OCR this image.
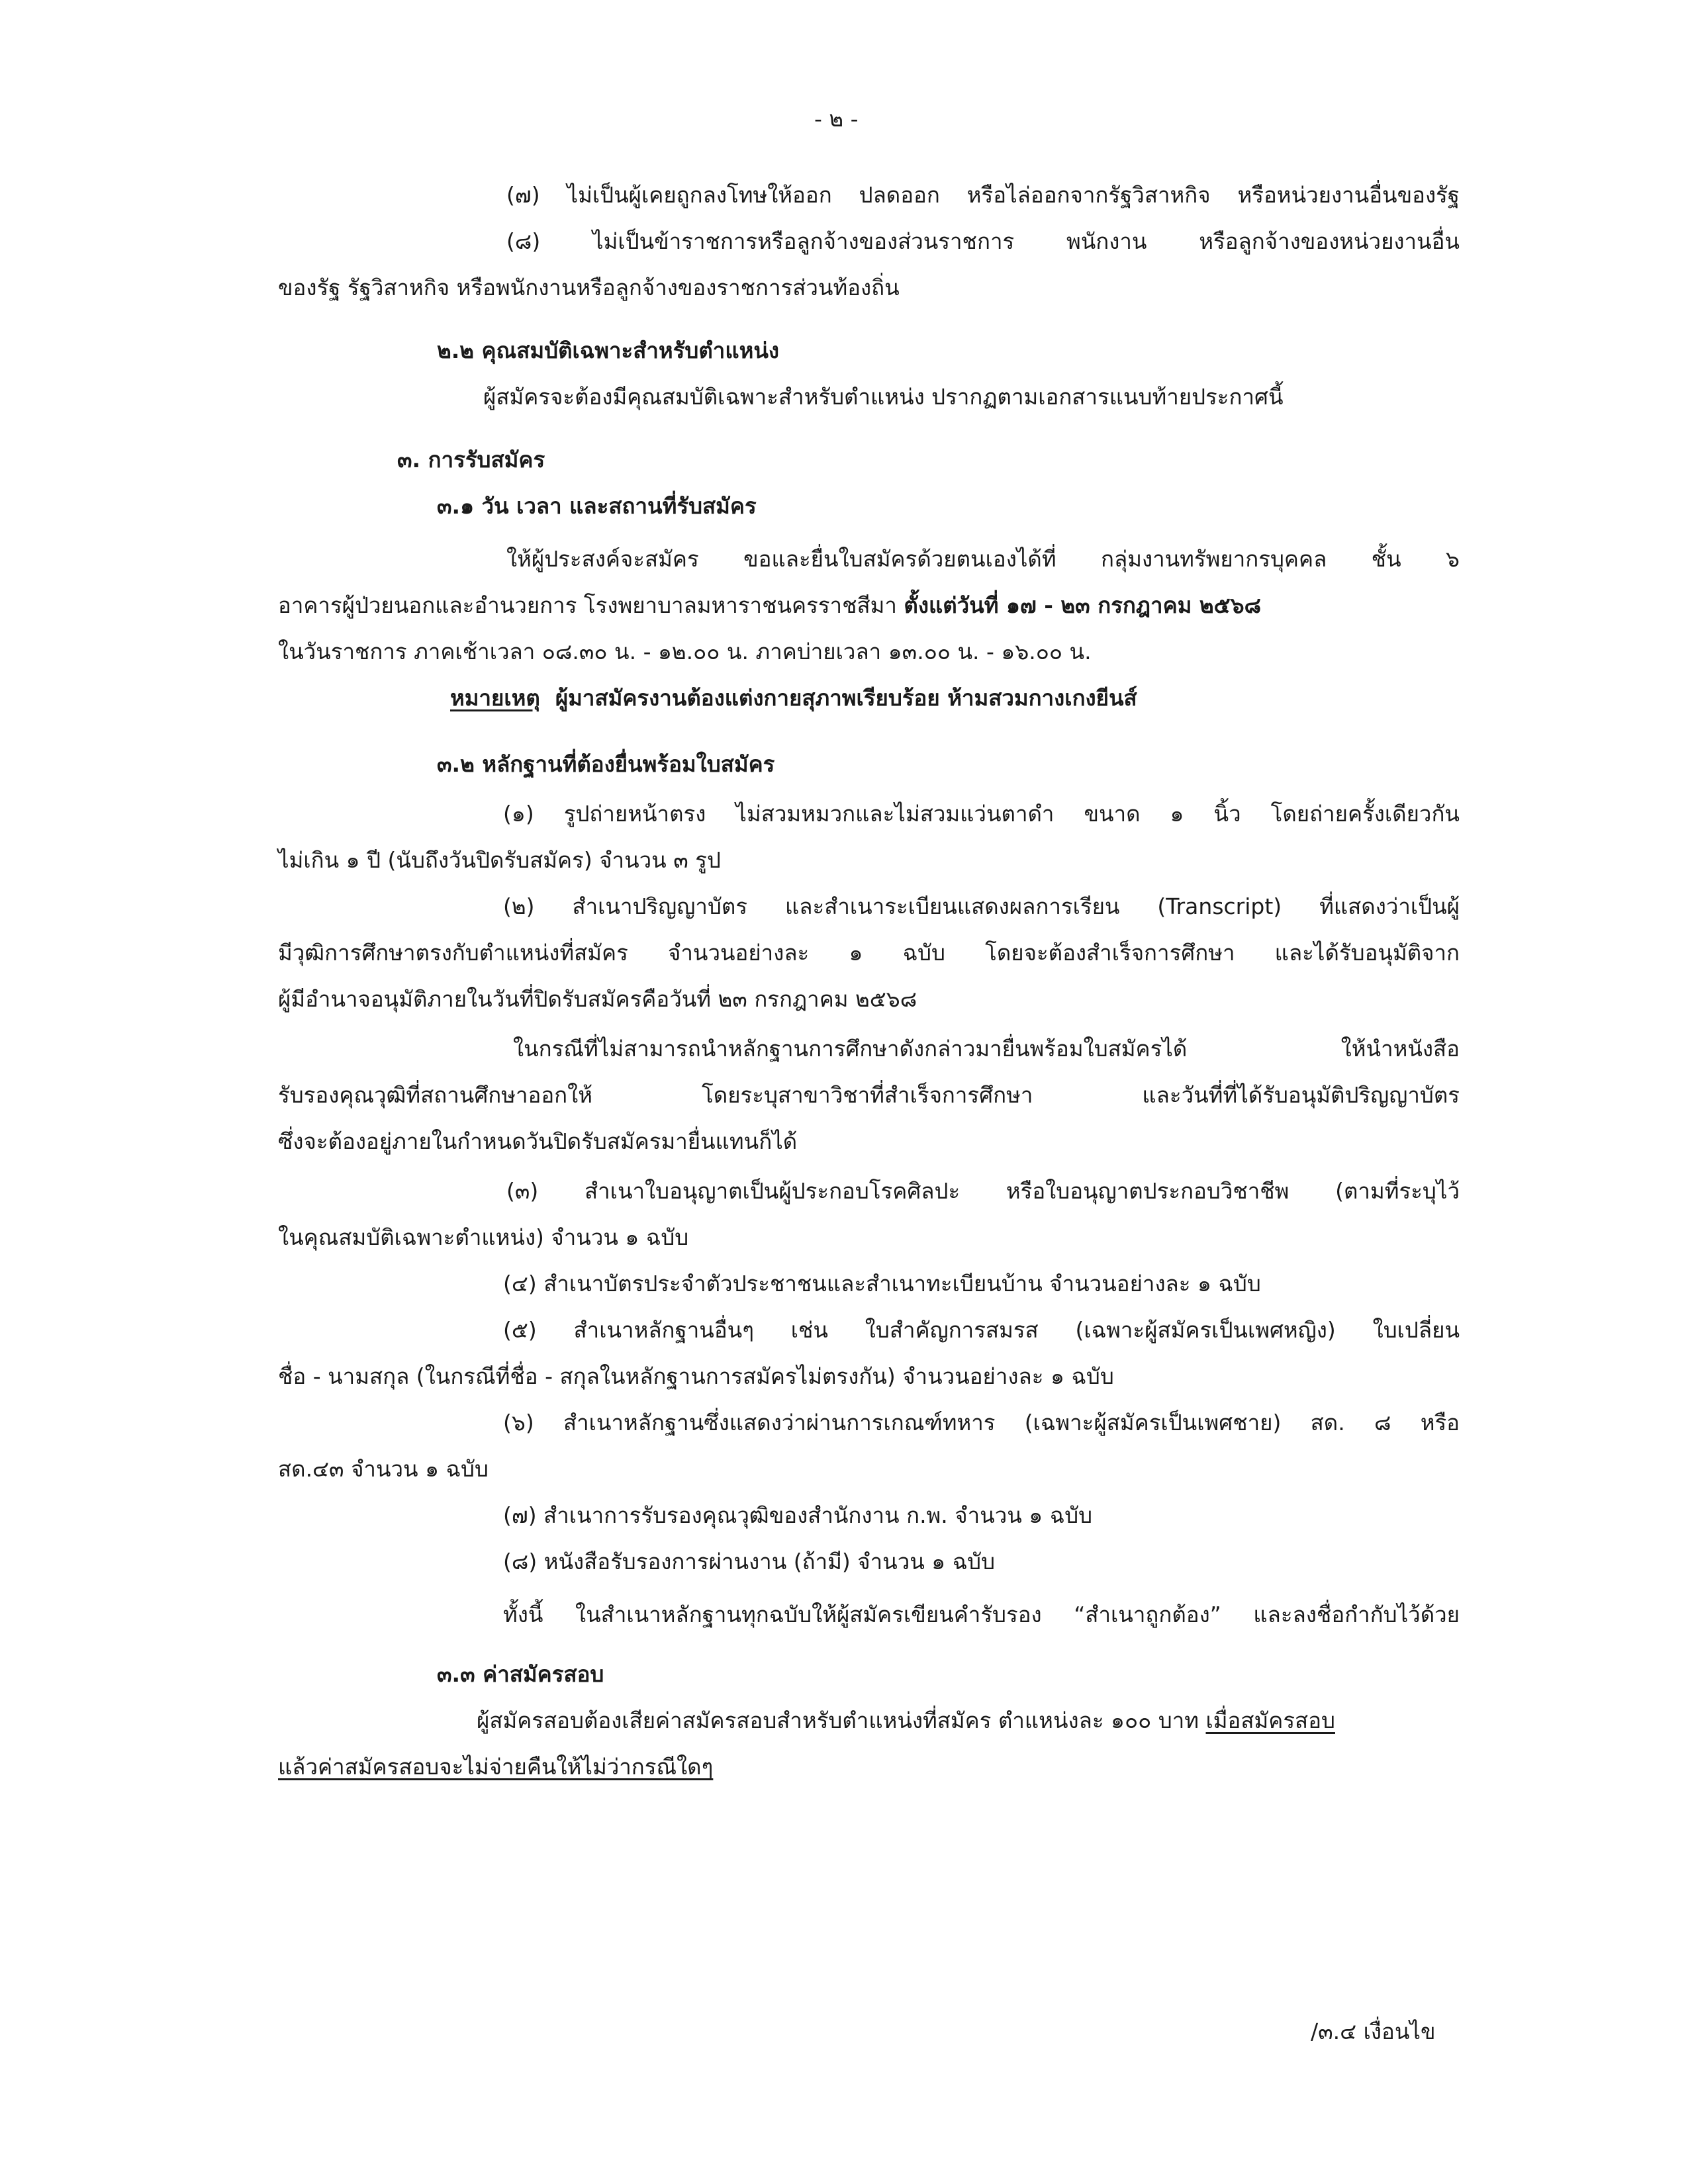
- ๒ -
(๗) ไม่เป็นผู้เคยถูกลงโทษให้ออก ปลดออก หรือไล่ออกจากรัฐวิสาหกิจ หรือหน่วยงานอื่นของรัฐ
(๘) ไม่เป็นข้าราชการหรือลูกจ้างของส่วนราชการ พนักงาน หรือลูกจ้างของหน่วยงานอื่น
ของรัฐ รัฐวิสาหกิจ หรือพนักงานหรือลูกจ้างของราชการส่วนท้องถิ่น
๒.๒ คุณสมบัติเฉพาะสำหรับตำแหน่ง
ผู้สมัครจะต้องมีคุณสมบัติเฉพาะสำหรับตำแหน่ง ปรากฏตามเอกสารแนบท้ายประกาศนี้
๓. การรับสมัคร
๓.๑ วัน เวลา และสถานที่รับสมัคร
ให้ผู้ประสงค์จะสมัคร ขอและยื่นใบสมัครด้วยตนเองได้ที่ กลุ่มงานทรัพยากรบุคคล ชั้น ๖
อาคารผู้ป่วยนอกและอำนวยการ โรงพยาบาลมหาราชนครราชสีมา ตั้งแต่วันที่ ๑๗ - ๒๓ กรกฎาคม ๒๕๖๘
ในวันราชการ ภาคเช้าเวลา ๐๘.๓๐ น. - ๑๒.๐๐ น. ภาคบ่ายเวลา ๑๓.๐๐ น. - ๑๖.๐๐ น.
หมายเหตุ ผู้มาสมัครงานต้องแต่งกายสุภาพเรียบร้อย ห้ามสวมกางเกงยีนส์
๓.๒ หลักฐานที่ต้องยื่นพร้อมใบสมัคร
(๑) รูปถ่ายหน้าตรง ไม่สวมหมวกและไม่สวมแว่นตาดำ ขนาด ๑ นิ้ว โดยถ่ายครั้งเดียวกัน
ไม่เกิน ๑ ปี (นับถึงวันปิดรับสมัคร) จำนวน ๓ รูป
(๒) สำเนาปริญญาบัตร และสำเนาระเบียนแสดงผลการเรียน (Transcript) ที่แสดงว่าเป็นผู้
มีวุฒิการศึกษาตรงกับตำแหน่งที่สมัคร จำนวนอย่างละ ๑ ฉบับ โดยจะต้องสำเร็จการศึกษา และได้รับอนุมัติจาก
ผู้มีอำนาจอนุมัติภายในวันที่ปิดรับสมัครคือวันที่ ๒๓ กรกฎาคม ๒๕๖๘
ในกรณีที่ไม่สามารถนำหลักฐานการศึกษาดังกล่าวมายื่นพร้อมใบสมัครได้ ให้นำหนังสือ
รับรองคุณวุฒิที่สถานศึกษาออกให้ โดยระบุสาขาวิชาที่สำเร็จการศึกษา และวันที่ที่ได้รับอนุมัติปริญญาบัตร
ซึ่งจะต้องอยู่ภายในกำหนดวันปิดรับสมัครมายื่นแทนก็ได้
(๓) สำเนาใบอนุญาตเป็นผู้ประกอบโรคศิลปะ หรือใบอนุญาตประกอบวิชาชีพ (ตามที่ระบุไว้
ในคุณสมบัติเฉพาะตำแหน่ง) จำนวน ๑ ฉบับ
(๔) สำเนาบัตรประจำตัวประชาชนและสำเนาทะเบียนบ้าน จำนวนอย่างละ ๑ ฉบับ
(๕) สำเนาหลักฐานอื่นๆ เช่น ใบสำคัญการสมรส (เฉพาะผู้สมัครเป็นเพศหญิง) ใบเปลี่ยน
ชื่อ - นามสกุล (ในกรณีที่ชื่อ - สกุลในหลักฐานการสมัครไม่ตรงกัน) จำนวนอย่างละ ๑ ฉบับ
(๖) สำเนาหลักฐานซึ่งแสดงว่าผ่านการเกณฑ์ทหาร (เฉพาะผู้สมัครเป็นเพศชาย) สด. ๘ หรือ
สด.๔๓ จำนวน ๑ ฉบับ
(๗) สำเนาการรับรองคุณวุฒิของสำนักงาน ก.พ. จำนวน ๑ ฉบับ
(๘) หนังสือรับรองการผ่านงาน (ถ้ามี) จำนวน ๑ ฉบับ
ทั้งนี้ ในสำเนาหลักฐานทุกฉบับให้ผู้สมัครเขียนคำรับรอง “สำเนาถูกต้อง” และลงชื่อกำกับไว้ด้วย
๓.๓ ค่าสมัครสอบ
ผู้สมัครสอบต้องเสียค่าสมัครสอบสำหรับตำแหน่งที่สมัคร ตำแหน่งละ ๑๐๐ บาท เมื่อสมัครสอบ
แล้วค่าสมัครสอบจะไม่จ่ายคืนให้ไม่ว่ากรณีใดๆ
/๓.๔ เงื่อนไข
